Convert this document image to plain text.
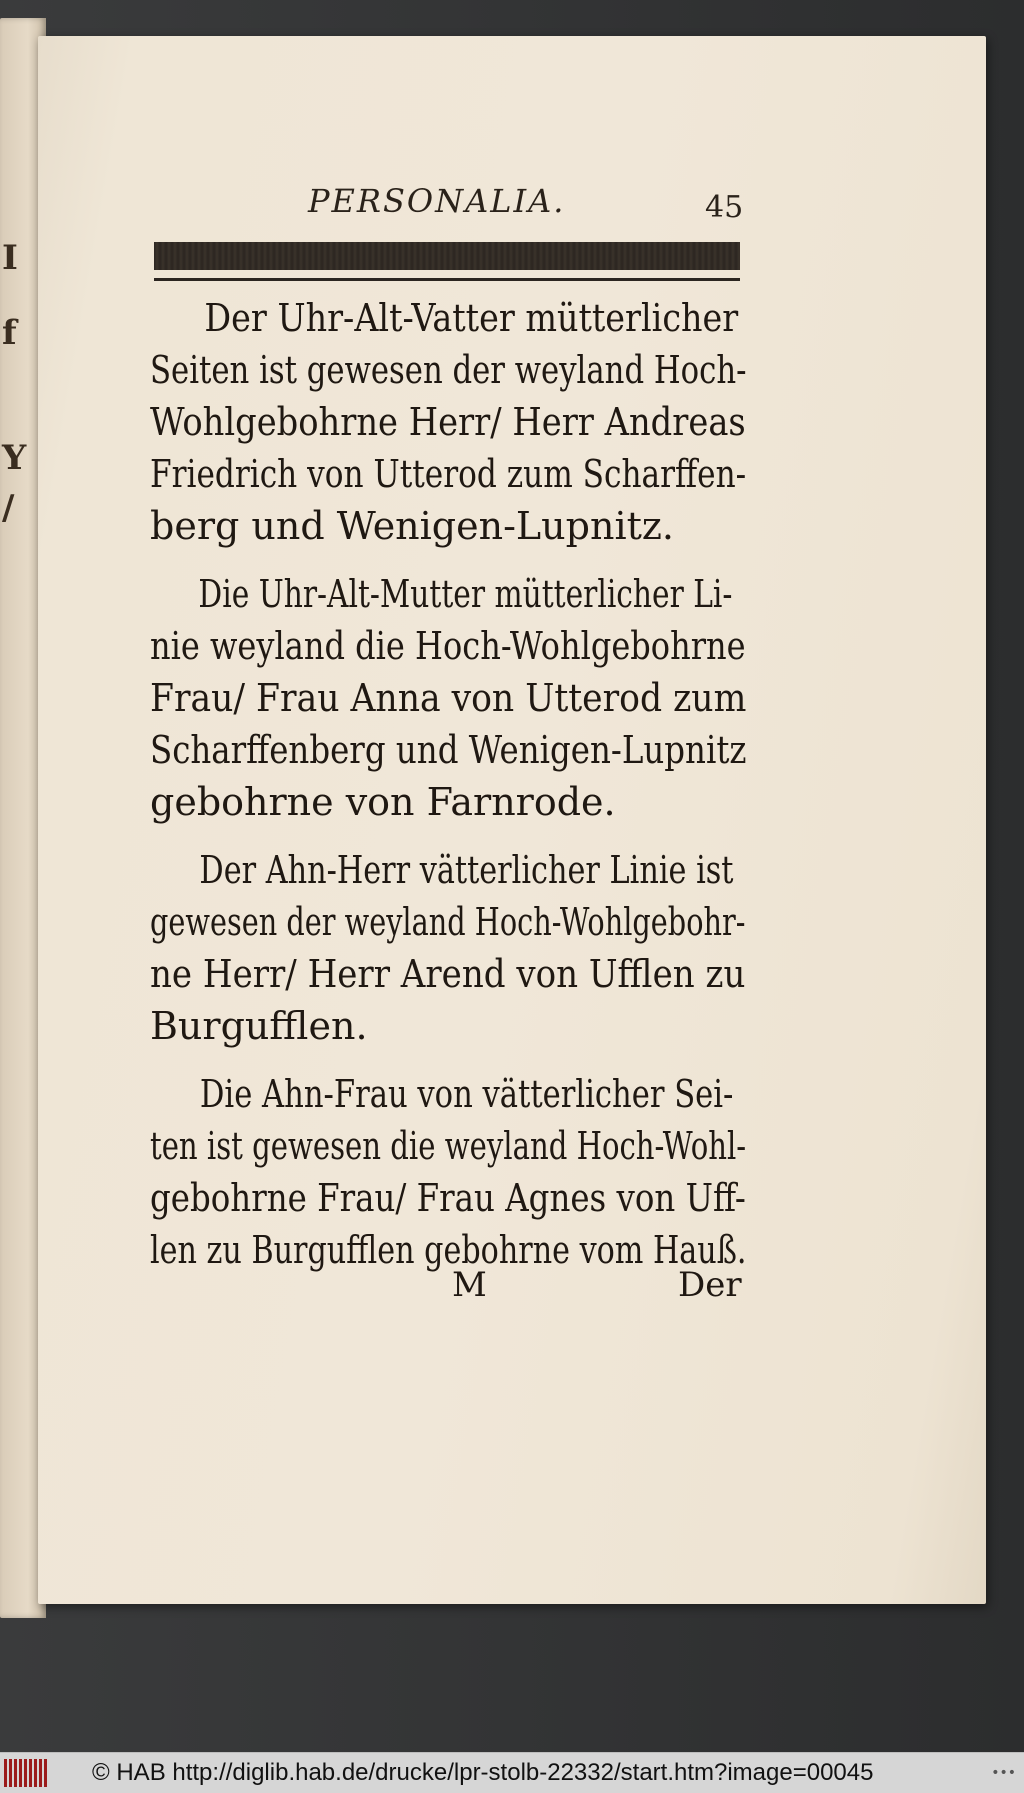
I
f
Y
/
PERSONALIA.	45
Der Uhr-Alt-Vatter mütterlicher
Seiten ist gewesen der weyland Hoch-
Wohlgebohrne Herr/ Herr Andreas
Friedrich von Utterod zum Scharffen-
berg und Wenigen-Lupnitz.
Die Uhr-Alt-Mutter mütterlicher Li-
nie weyland die Hoch-Wohlgebohrne
Frau/ Frau Anna von Utterod zum
Scharffenberg und Wenigen-Lupnitz
gebohrne von Farnrode.
Der Ahn-Herr vätterlicher Linie ist
gewesen der weyland Hoch-Wohlgebohr-
ne Herr/ Herr Arend von Ufflen zu
Burgufflen.
Die Ahn-Frau von vätterlicher Sei-
ten ist gewesen die weyland Hoch-Wohl-
gebohrne Frau/ Frau Agnes von Uff-
len zu Burgufflen gebohrne vom Hauß.
M	Der
© HAB http://diglib.hab.de/drucke/lpr-stolb-22332/start.htm?image=00045	•••
